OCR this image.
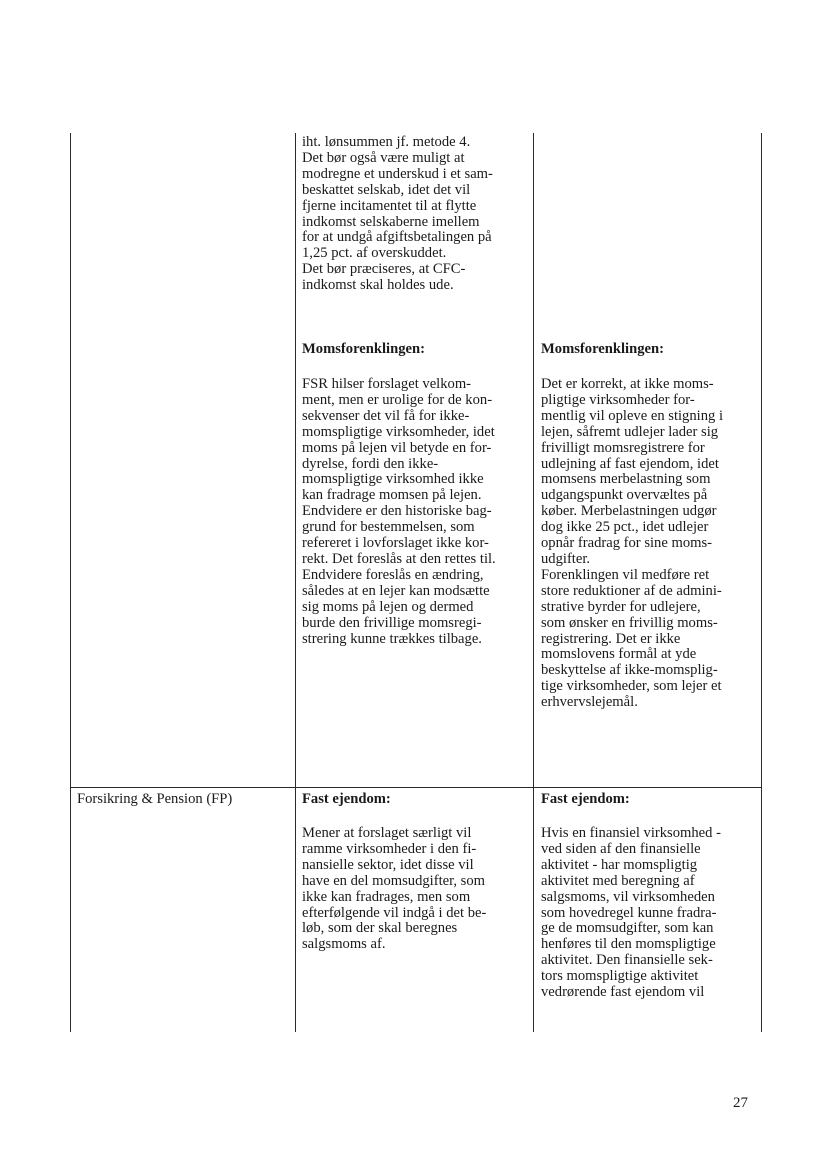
iht. lønsummen jf. metode 4.
Det bør også være muligt at
modregne et underskud i et sam-
beskattet selskab, idet det vil
fjerne incitamentet til at flytte
indkomst selskaberne imellem
for at undgå afgiftsbetalingen på
1,25 pct. af overskuddet.
Det bør præciseres, at CFC-
indkomst skal holdes ude.
Momsforenklingen:
FSR hilser forslaget velkom-
ment, men er urolige for de kon-
sekvenser det vil få for ikke-
momspligtige virksomheder, idet
moms på lejen vil betyde en for-
dyrelse, fordi den ikke-
momspligtige virksomhed ikke
kan fradrage momsen på lejen.
Endvidere er den historiske bag-
grund for bestemmelsen, som
refereret i lovforslaget ikke kor-
rekt. Det foreslås at den rettes til.
Endvidere foreslås en ændring,
således at en lejer kan modsætte
sig moms på lejen og dermed
burde den frivillige momsregi-
strering kunne trækkes tilbage.
Momsforenklingen:
Det er korrekt, at ikke moms-
pligtige virksomheder for-
mentlig vil opleve en stigning i
lejen, såfremt udlejer lader sig
frivilligt momsregistrere for
udlejning af fast ejendom, idet
momsens merbelastning som
udgangspunkt overvæltes på
køber. Merbelastningen udgør
dog ikke 25 pct., idet udlejer
opnår fradrag for sine moms-
udgifter.
Forenklingen vil medføre ret
store reduktioner af de admini-
strative byrder for udlejere,
som ønsker en frivillig moms-
registrering. Det er ikke
momslovens formål at yde
beskyttelse af ikke-momsplig-
tige virksomheder, som lejer et
erhvervslejemål.
Forsikring & Pension (FP)	Fast ejendom:
Mener at forslaget særligt vil
ramme virksomheder i den fi-
nansielle sektor, idet disse vil
have en del momsudgifter, som
ikke kan fradrages, men som
efterfølgende vil indgå i det be-
løb, som der skal beregnes
salgsmoms af.
Fast ejendom:
Hvis en finansiel virksomhed -
ved siden af den finansielle
aktivitet - har momspligtig
aktivitet med beregning af
salgsmoms, vil virksomheden
som hovedregel kunne fradra-
ge de momsudgifter, som kan
henføres til den momspligtige
aktivitet. Den finansielle sek-
tors momspligtige aktivitet
vedrørende fast ejendom vil
27
